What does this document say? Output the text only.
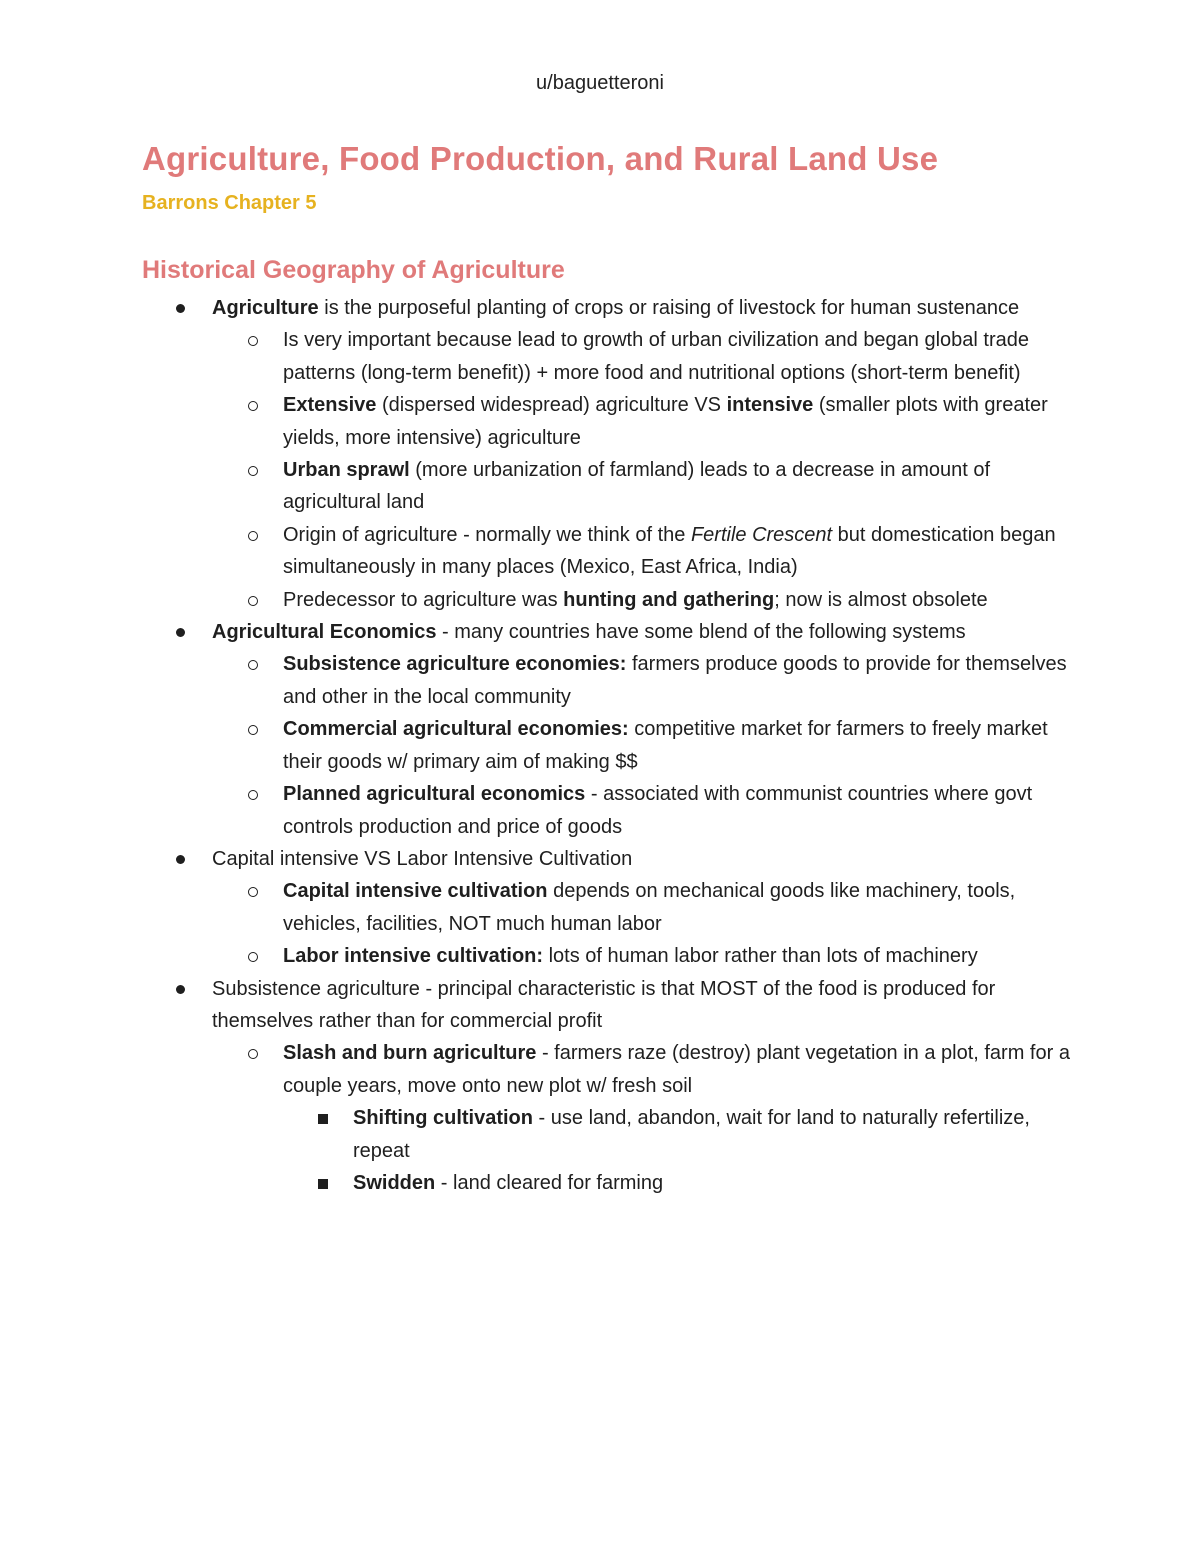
u/baguetteroni
Agriculture, Food Production, and Rural Land Use
Barrons Chapter 5
Historical Geography of Agriculture
Agriculture is the purposeful planting of crops or raising of livestock for human sustenance
Is very important because lead to growth of urban civilization and began global trade patterns (long-term benefit)) + more food and nutritional options (short-term benefit)
Extensive (dispersed widespread) agriculture VS intensive (smaller plots with greater yields, more intensive) agriculture
Urban sprawl (more urbanization of farmland) leads to a decrease in amount of agricultural land
Origin of agriculture - normally we think of the Fertile Crescent but domestication began simultaneously in many places (Mexico, East Africa, India)
Predecessor to agriculture was hunting and gathering; now is almost obsolete
Agricultural Economics - many countries have some blend of the following systems
Subsistence agriculture economies: farmers produce goods to provide for themselves and other in the local community
Commercial agricultural economies: competitive market for farmers to freely market their goods w/ primary aim of making $$
Planned agricultural economics - associated with communist countries where govt controls production and price of goods
Capital intensive VS Labor Intensive Cultivation
Capital intensive cultivation depends on mechanical goods like machinery, tools, vehicles, facilities, NOT much human labor
Labor intensive cultivation: lots of human labor rather than lots of machinery
Subsistence agriculture - principal characteristic is that MOST of the food is produced for themselves rather than for commercial profit
Slash and burn agriculture - farmers raze (destroy) plant vegetation in a plot, farm for a couple years, move onto new plot w/ fresh soil
Shifting cultivation - use land, abandon, wait for land to naturally refertilize, repeat
Swidden - land cleared for farming
